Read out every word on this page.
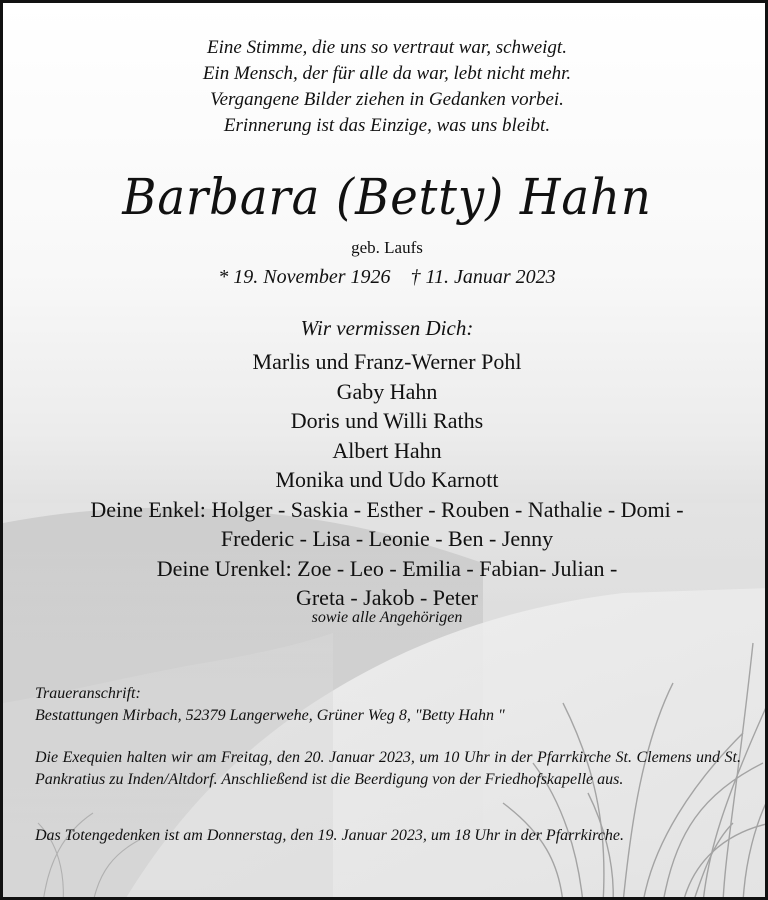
Eine Stimme, die uns so vertraut war, schweigt.
Ein Mensch, der für alle da war, lebt nicht mehr.
Vergangene Bilder ziehen in Gedanken vorbei.
Erinnerung ist das Einzige, was uns bleibt.
Barbara (Betty) Hahn
geb. Laufs
* 19. November 1926 † 11. Januar 2023
Wir vermissen Dich:
Marlis und Franz-Werner Pohl
Gaby Hahn
Doris und Willi Raths
Albert Hahn
Monika und Udo Karnott
Deine Enkel: Holger - Saskia - Esther - Rouben - Nathalie - Domi -
Frederic - Lisa - Leonie - Ben - Jenny
Deine Urenkel: Zoe - Leo - Emilia - Fabian- Julian -
Greta - Jakob - Peter
sowie alle Angehörigen
Traueranschrift:
Bestattungen Mirbach, 52379 Langerwehe, Grüner Weg 8, "Betty Hahn "

Die Exequien halten wir am Freitag, den 20. Januar 2023, um 10 Uhr in der Pfarrkirche St. Clemens und St. Pankratius zu Inden/Altdorf. Anschließend ist die Beerdigung von der Friedhofskapelle aus.

Das Totengedenken ist am Donnerstag, den 19. Januar 2023, um 18 Uhr in der Pfarrkirche.
